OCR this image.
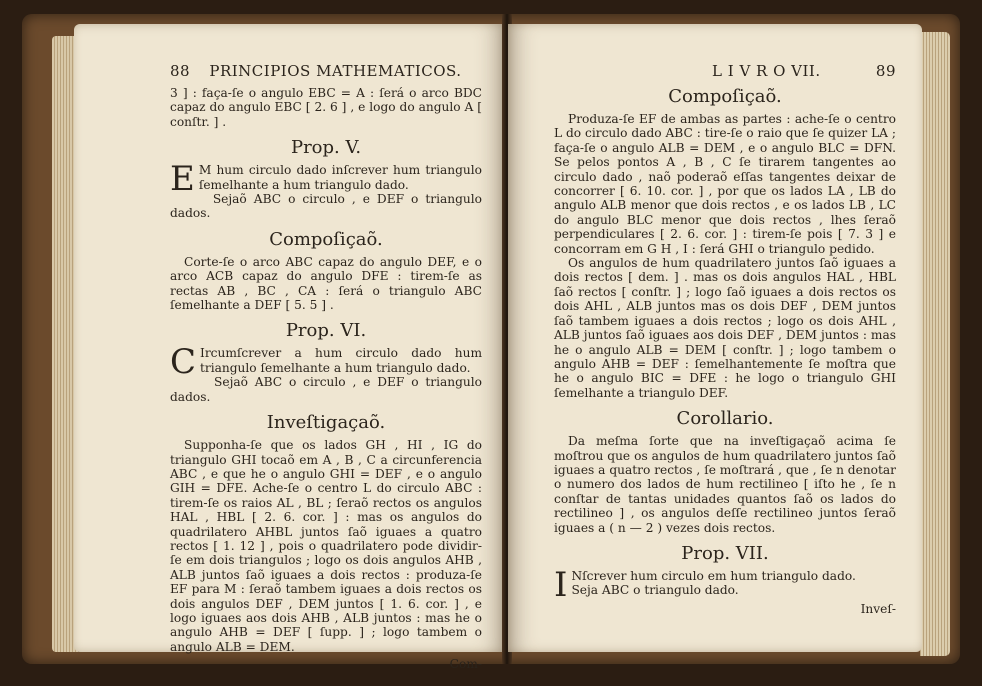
88 PRINCIPIOS MATHEMATICOS.

3 ] : faça-ſe o angulo EBC = A : ſerá o arco BDC capaz do angulo EBC [ 2. 6 ] , e logo do angulo A [ conſtr. ] .

Prop. V.
E M hum circulo dado inſcrever hum triangulo ſemelhante a hum triangulo dado.

Sejaõ ABC o circulo , e DEF o triangulo dados.

Compoſiçaõ.

Corte-ſe o arco ABC capaz do angulo DEF, e o arco ACB capaz do angulo DFE : tirem-ſe as rectas AB , BC , CA : ſerá o triangulo ABC ſemelhante a DEF [ 5. 5 ] .

Prop. VI.
C Ircumſcrever a hum circulo dado hum triangulo ſemelhante a hum triangulo dado.

Sejaõ ABC o circulo , e DEF o triangulo dados.

Inveſtigaçaõ.

Supponha-ſe que os lados GH , HI , IG do triangulo GHI tocaõ em A , B , C a circunferencia ABC , e que he o angulo GHI = DEF , e o angulo GIH = DFE. Ache-ſe o centro L do circulo ABC : tirem-ſe os raios AL , BL ; ſeraõ rectos os angulos HAL , HBL [ 2. 6. cor. ] : mas os angulos do quadrilatero AHBL juntos ſaõ iguaes a quatro rectos [ 1. 12 ] , pois o quadrilatero pode dividir-ſe em dois triangulos ; logo os dois angulos AHB , ALB juntos ſaõ iguaes a dois rectos : produza-ſe EF para M : ſeraõ tambem iguaes a dois rectos os dois angulos DEF , DEM juntos [ 1. 6. cor. ] , e logo iguaes aos dois AHB , ALB juntos : mas he o angulo AHB = DEF [ ſupp. ] ; logo tambem o angulo ALB = DEM.

Com-
L I V R O VII.	89
Compoſiçaõ.

Produza-ſe EF de ambas as partes : ache-ſe o centro L do circulo dado ABC : tire-ſe o raio que ſe quizer LA ; faça-ſe o angulo ALB = DEM , e o angulo BLC = DFN. Se pelos pontos A , B , C ſe tirarem tangentes ao circulo dado , naõ poderaõ eſſas tangentes deixar de concorrer [ 6. 10. cor. ] , por que os lados LA , LB do angulo ALB menor que dois rectos , e os lados LB , LC do angulo BLC menor que dois rectos , lhes ſeraõ perpendiculares [ 2. 6. cor. ] : tirem-ſe pois [ 7. 3 ] e concorram em G H , I : ſerá GHI o triangulo pedido.

Os angulos de hum quadrilatero juntos ſaõ iguaes a dois rectos [ dem. ] . mas os dois angulos HAL , HBL ſaõ rectos [ conſtr. ] ; logo ſaõ iguaes a dois rectos os dois AHL , ALB juntos mas os dois DEF , DEM juntos ſaõ tambem iguaes a dois rectos ; logo os dois AHL , ALB juntos ſaõ iguaes aos dois DEF , DEM juntos : mas he o angulo ALB = DEM [ conſtr. ] ; logo tambem o angulo AHB = DEF : ſemelhantemente ſe moſtra que he o angulo BIC = DFE : he logo o triangulo GHI ſemelhante a triangulo DEF.

Corollario.

Da meſma ſorte que na inveſtigaçaõ acima ſe moſtrou que os angulos de hum quadrilatero juntos ſaõ iguaes a quatro rectos , ſe moſtrará , que , ſe n denotar o numero dos lados de hum rectilineo [ iſto he , ſe n conſtar de tantas unidades quantos ſaõ os lados do rectilineo ] , os angulos deſſe rectilineo juntos ſeraõ iguaes a ( n — 2 ) vezes dois rectos.

Prop. VII.
I Nſcrever hum circulo em hum triangulo dado.

Seja ABC o triangulo dado.

Inveſ-
